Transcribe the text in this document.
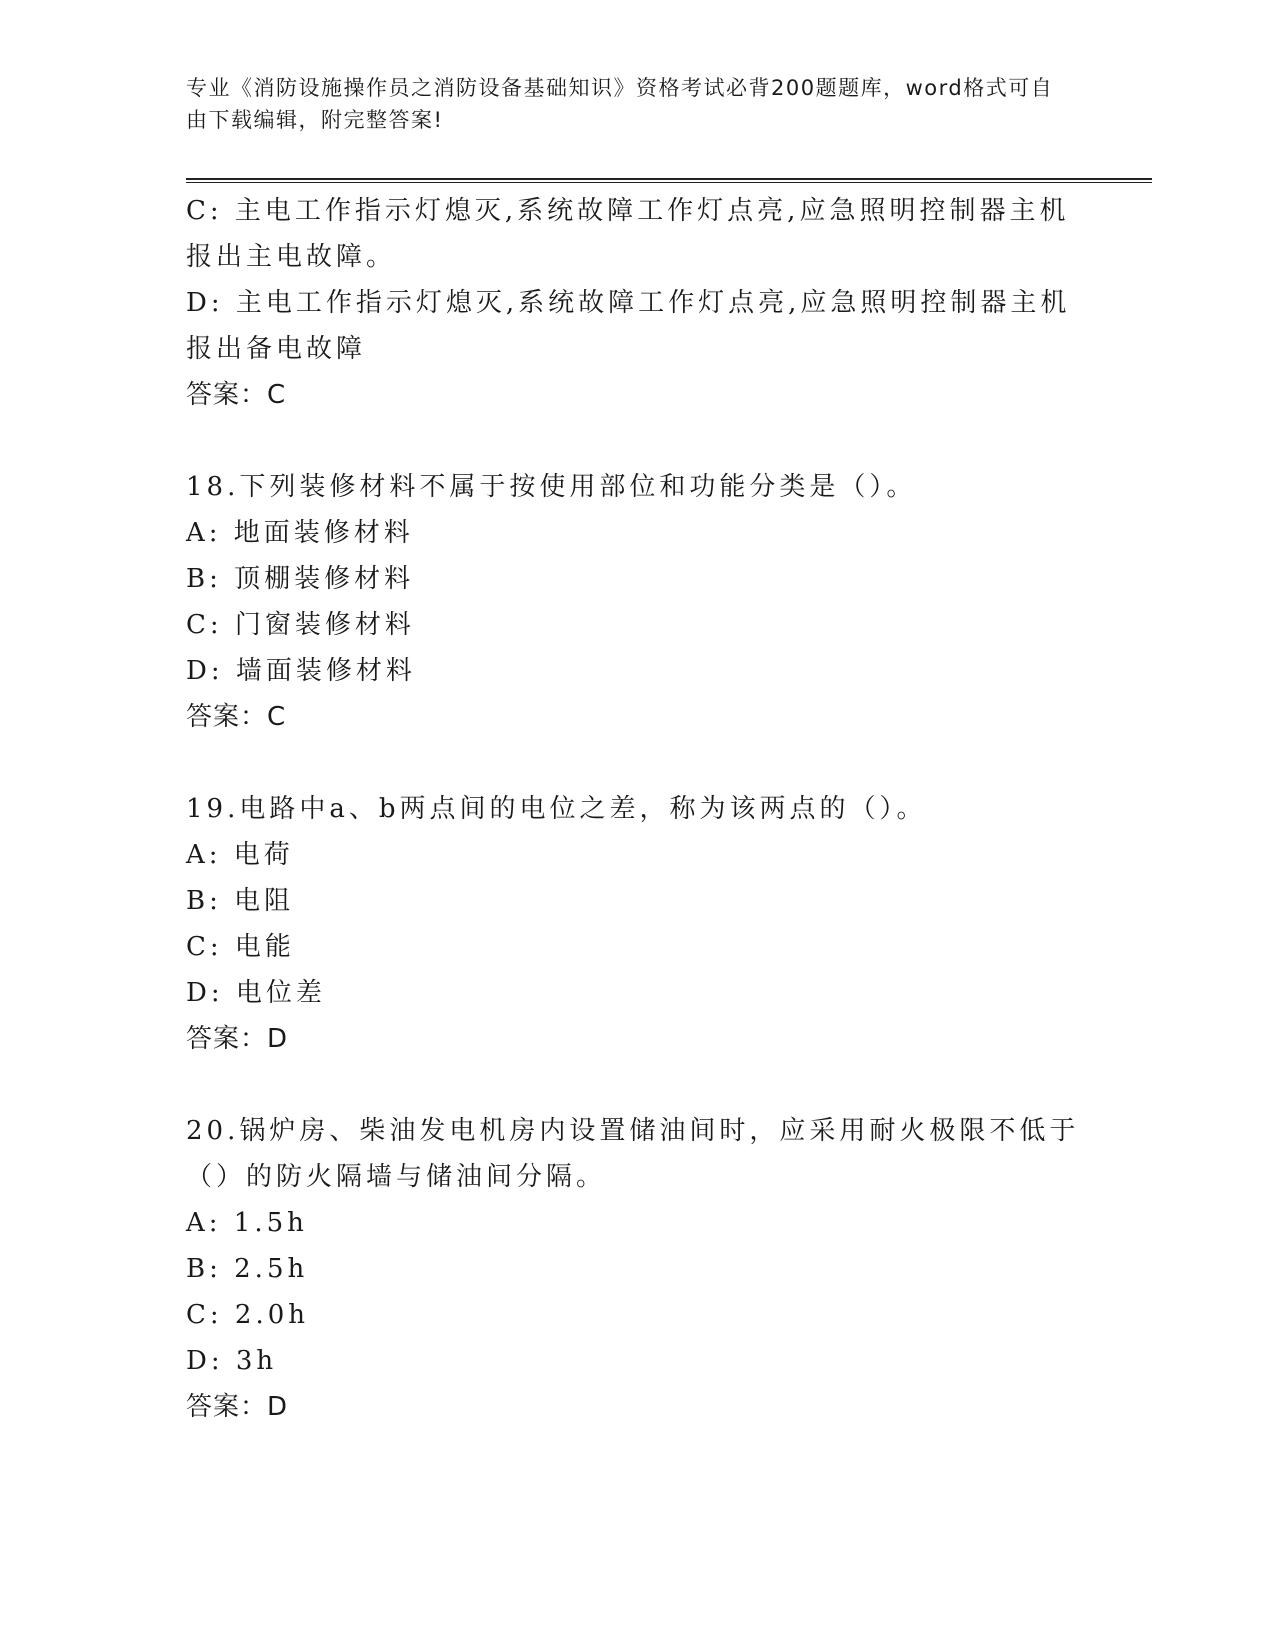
专业《消防设施操作员之消防设备基础知识》资格考试必背200题题库，word格式可自由下载编辑，附完整答案!
C: 主电工作指示灯熄灭,系统故障工作灯点亮,应急照明控制器主机报出主电故障。
D: 主电工作指示灯熄灭,系统故障工作灯点亮,应急照明控制器主机报出备电故障
答案：C
18.下列装修材料不属于按使用部位和功能分类是（）。
A: 地面装修材料
B: 顶棚装修材料
C: 门窗装修材料
D: 墙面装修材料
答案：C
19.电路中a、b两点间的电位之差，称为该两点的（）。
A: 电荷
B: 电阻
C: 电能
D: 电位差
答案：D
20.锅炉房、柴油发电机房内设置储油间时，应采用耐火极限不低于（）的防火隔墙与储油间分隔。
A: 1.5h
B: 2.5h
C: 2.0h
D: 3h
答案：D
